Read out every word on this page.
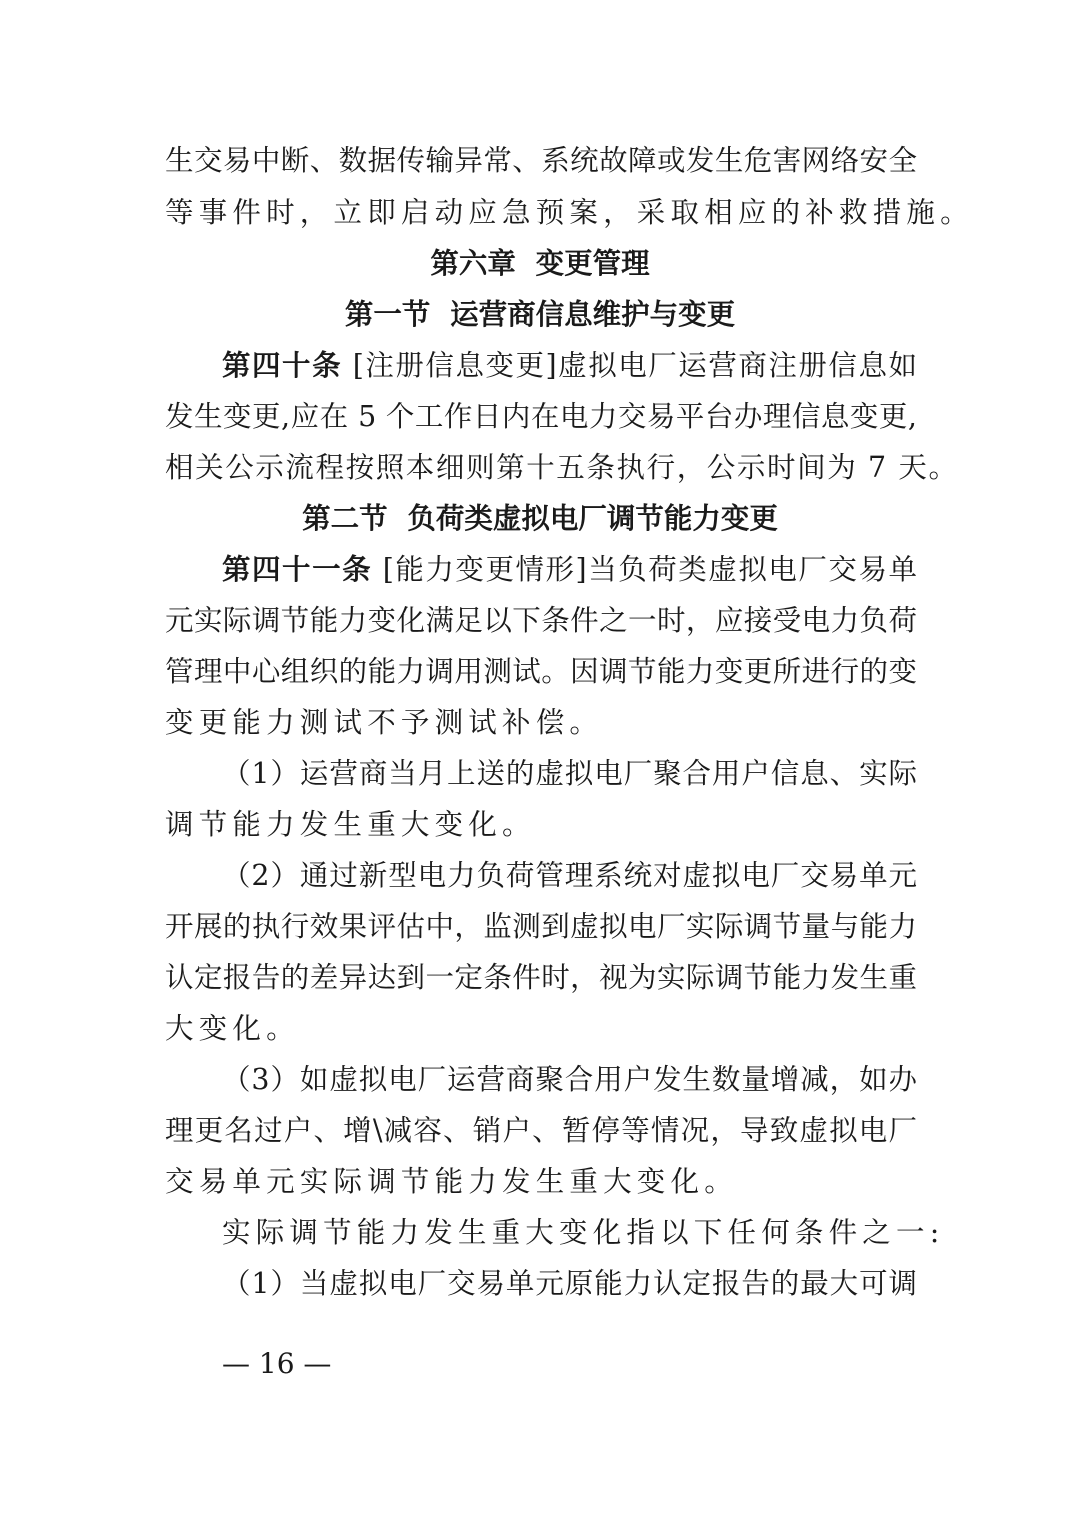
生交易中断、数据传输异常、系统故障或发生危害网络安全
等事件时，立即启动应急预案，采取相应的补救措施。
第六章  变更管理
第一节  运营商信息维护与变更
第四十条 [注册信息变更]虚拟电厂运营商注册信息如
发生变更,应在 5 个工作日内在电力交易平台办理信息变更,
相关公示流程按照本细则第十五条执行，公示时间为 7 天。
第二节  负荷类虚拟电厂调节能力变更
第四十一条 [能力变更情形]当负荷类虚拟电厂交易单
元实际调节能力变化满足以下条件之一时，应接受电力负荷
管理中心组织的能力调用测试。因调节能力变更所进行的变
变更能力测试不予测试补偿。
（1）运营商当月上送的虚拟电厂聚合用户信息、实际
调节能力发生重大变化。
（2）通过新型电力负荷管理系统对虚拟电厂交易单元
开展的执行效果评估中，监测到虚拟电厂实际调节量与能力
认定报告的差异达到一定条件时，视为实际调节能力发生重
大变化。
（3）如虚拟电厂运营商聚合用户发生数量增减，如办
理更名过户、增\减容、销户、暂停等情况，导致虚拟电厂
交易单元实际调节能力发生重大变化。
实际调节能力发生重大变化指以下任何条件之一:
（1）当虚拟电厂交易单元原能力认定报告的最大可调
— 16 —
